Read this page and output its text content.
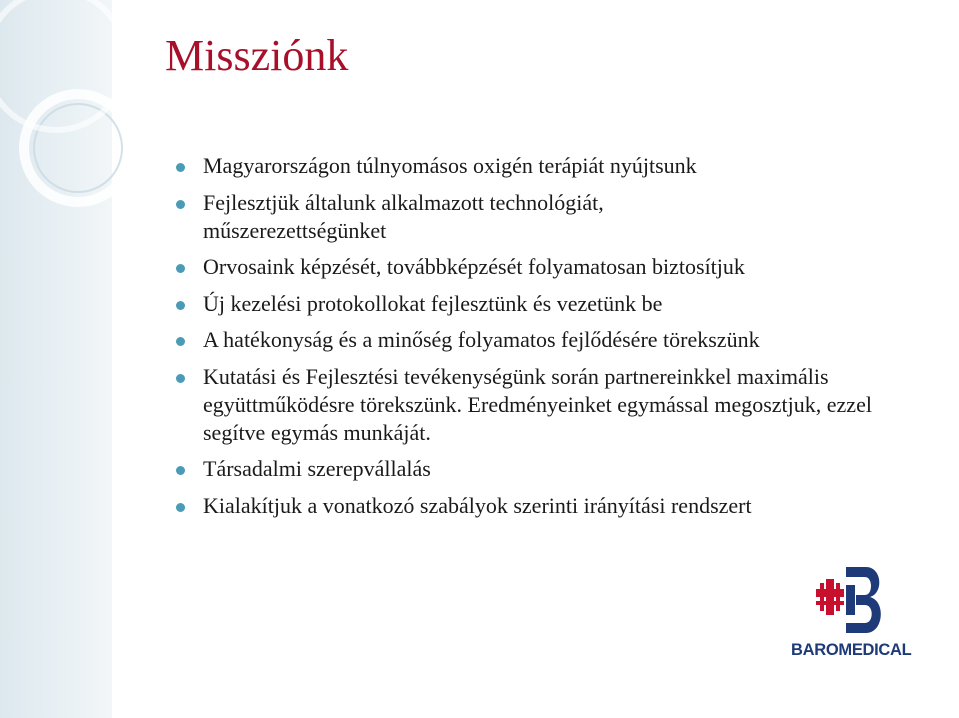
Missziónk
Magyarországon túlnyomásos oxigén terápiát nyújtsunk
Fejlesztjük általunk alkalmazott technológiát, műszerezettségünket
Orvosaink képzését, továbbképzését folyamatosan biztosítjuk
Új kezelési protokollokat fejlesztünk és vezetünk be
A hatékonyság és a minőség folyamatos fejlődésére törekszünk
Kutatási és Fejlesztési tevékenységünk során partnereinkkel maximális együttműködésre törekszünk. Eredményeinket egymással megosztjuk, ezzel segítve egymás munkáját.
Társadalmi szerepvállalás
Kialakítjuk a vonatkozó szabályok szerinti irányítási rendszert
BAROMEDICAL
